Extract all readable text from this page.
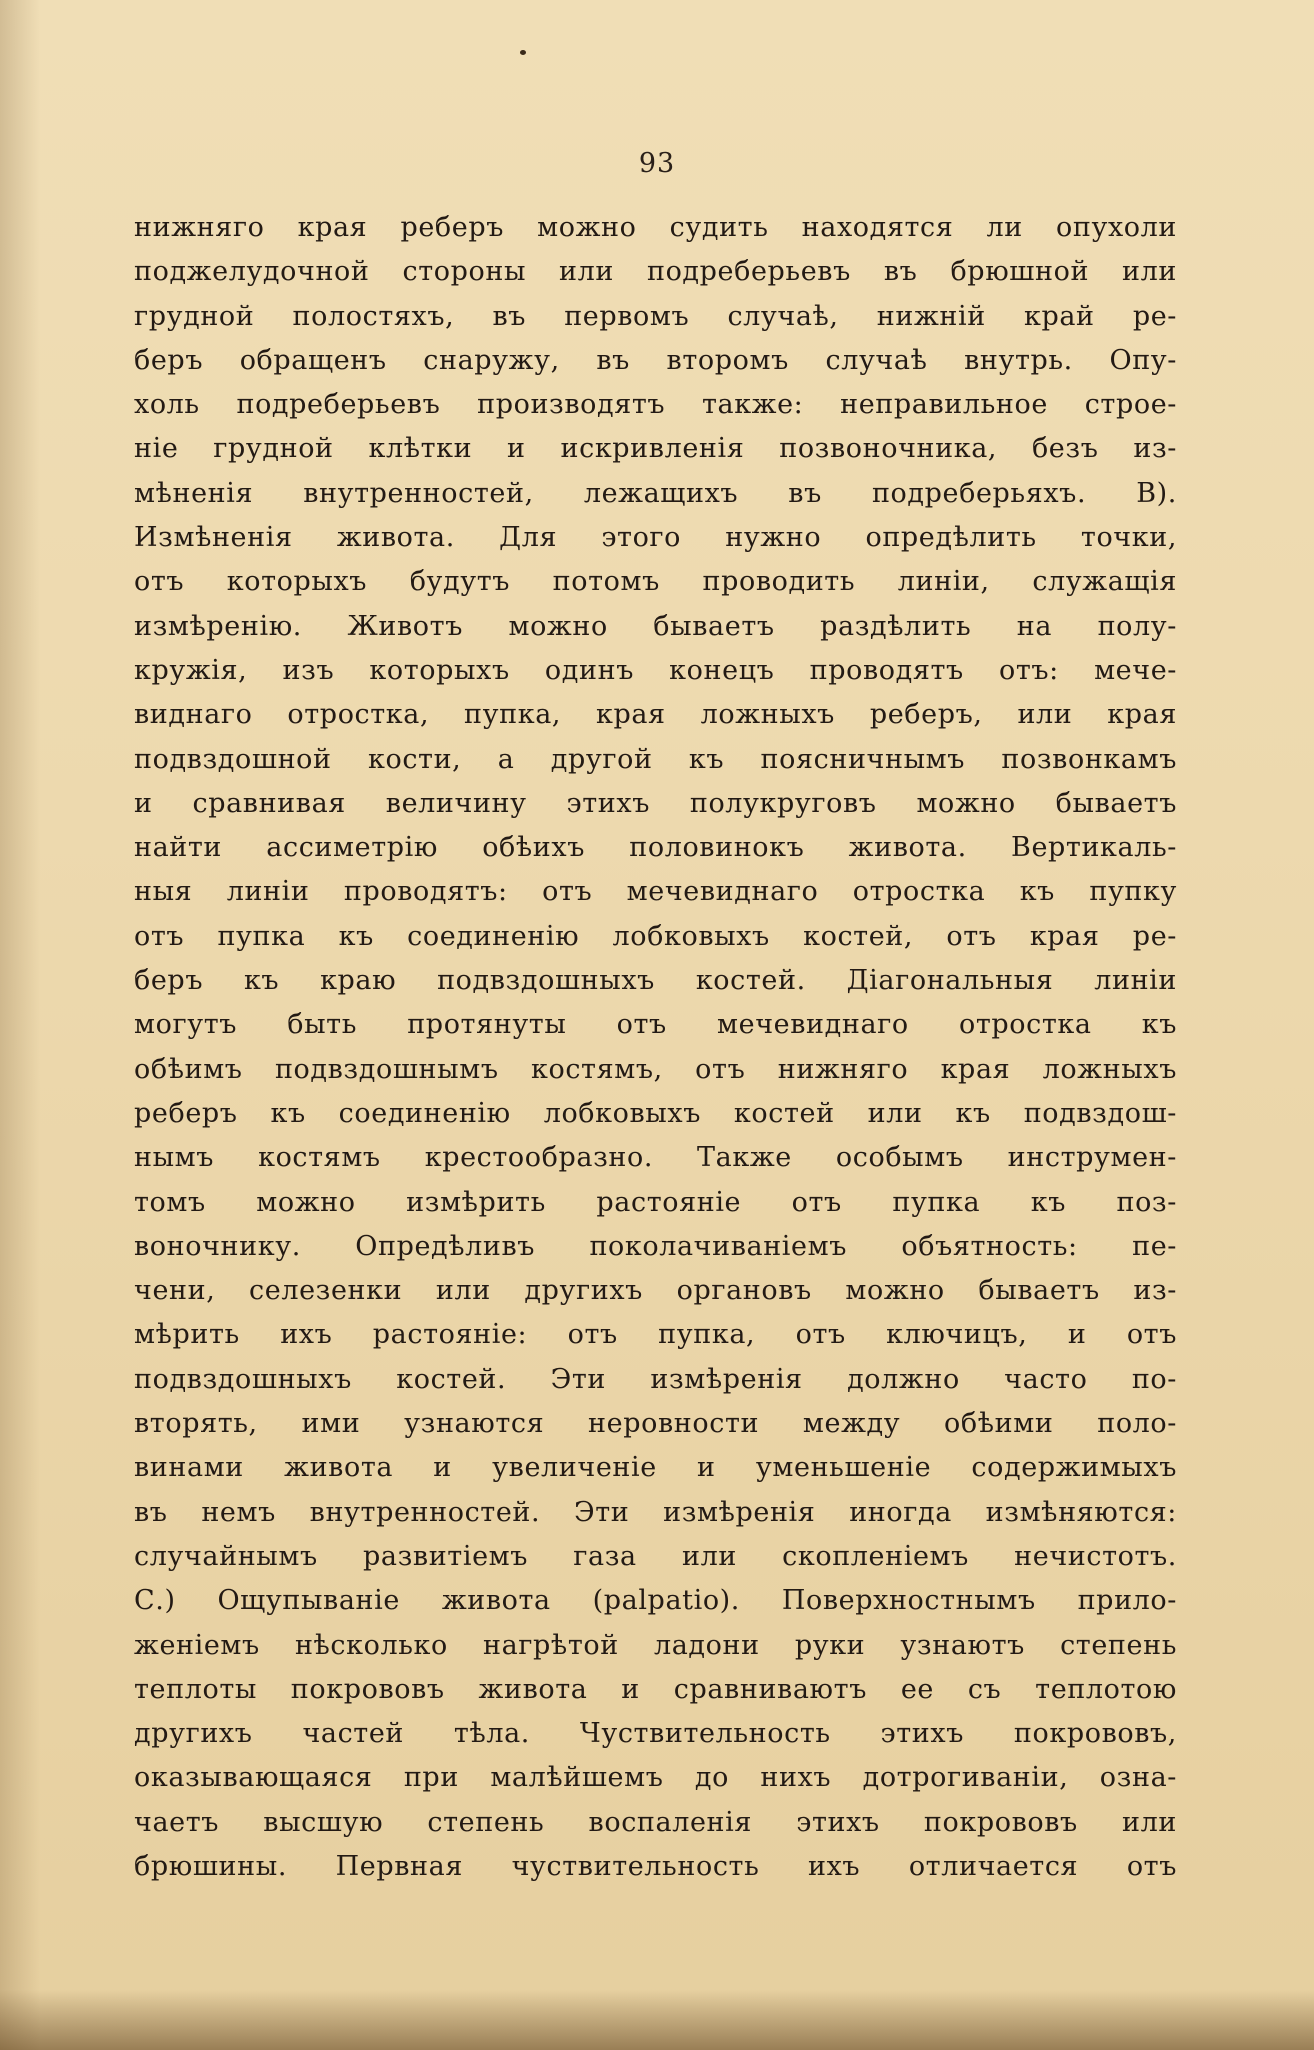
93
нижняго края реберъ можно судить находятся ли опухоли
поджелудочной стороны или подреберьевъ въ брюшной или
грудной полостяхъ, въ первомъ случаѣ, нижній край ре-
беръ обращенъ снаружу, въ второмъ случаѣ внутрь. Опу-
холь подреберьевъ производятъ также: неправильное строе-
ніе грудной клѣтки и искривленія позвоночника, безъ из-
мѣненія внутренностей, лежащихъ въ подреберьяхъ. В).
Измѣненія живота. Для этого нужно опредѣлить точки,
отъ которыхъ будутъ потомъ проводить линіи, служащія
измѣренію. Животъ можно бываетъ раздѣлить на полу-
кружія, изъ которыхъ одинъ конецъ проводятъ отъ: мече-
виднаго отростка, пупка, края ложныхъ реберъ, или края
подвздошной кости, а другой къ поясничнымъ позвонкамъ
и сравнивая величину этихъ полукруговъ можно бываетъ
найти ассиметрію обѣихъ половинокъ живота. Вертикаль-
ныя линіи проводятъ: отъ мечевиднаго отростка къ пупку
отъ пупка къ соединенію лобковыхъ костей, отъ края ре-
беръ къ краю подвздошныхъ костей. Діагональныя линіи
могутъ быть протянуты отъ мечевиднаго отростка къ
обѣимъ подвздошнымъ костямъ, отъ нижняго края ложныхъ
реберъ къ соединенію лобковыхъ костей или къ подвздош-
нымъ костямъ крестообразно. Также особымъ инструмен-
томъ можно измѣрить растояніе отъ пупка къ поз-
воночнику. Опредѣливъ поколачиваніемъ объятность: пе-
чени, селезенки или другихъ органовъ можно бываетъ из-
мѣрить ихъ растояніе: отъ пупка, отъ ключицъ, и отъ
подвздошныхъ костей. Эти измѣренія должно часто по-
вторять, ими узнаются неровности между обѣими поло-
винами живота и увеличеніе и уменьшеніе содержимыхъ
въ немъ внутренностей. Эти измѣренія иногда измѣняются:
случайнымъ развитіемъ газа или скопленіемъ нечистотъ.
С.) Ощупываніе живота (palpatio). Поверхностнымъ прило-
женіемъ нѣсколько нагрѣтой ладони руки узнаютъ степень
теплоты покрововъ живота и сравниваютъ ее съ теплотою
другихъ частей тѣла. Чуствительность этихъ покрововъ,
оказывающаяся при малѣйшемъ до нихъ дотрогиваніи, озна-
чаетъ высшую степень воспаленія этихъ покрововъ или
брюшины. Первная чуствительность ихъ отличается отъ
